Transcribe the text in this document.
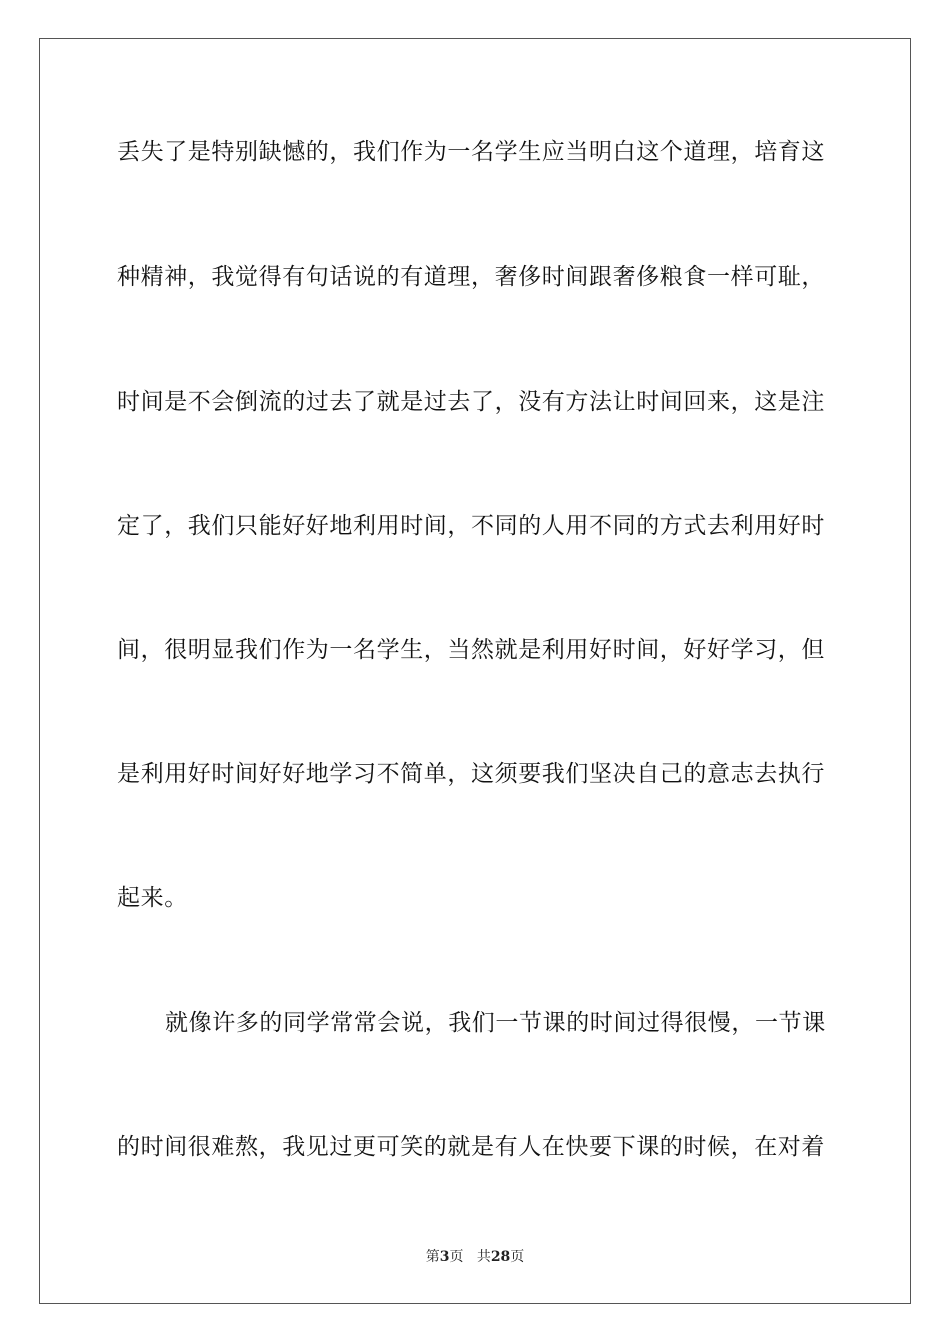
丢失了是特别缺憾的，我们作为一名学生应当明白这个道理，培育这
种精神，我觉得有句话说的有道理，奢侈时间跟奢侈粮食一样可耻，
时间是不会倒流的过去了就是过去了，没有方法让时间回来，这是注
定了，我们只能好好地利用时间，不同的人用不同的方式去利用好时
间，很明显我们作为一名学生，当然就是利用好时间，好好学习，但
是利用好时间好好地学习不简单，这须要我们坚决自己的意志去执行
起来。
就像许多的同学常常会说，我们一节课的时间过得很慢，一节课
的时间很难熬，我见过更可笑的就是有人在快要下课的时候，在对着
第3页 共28页
